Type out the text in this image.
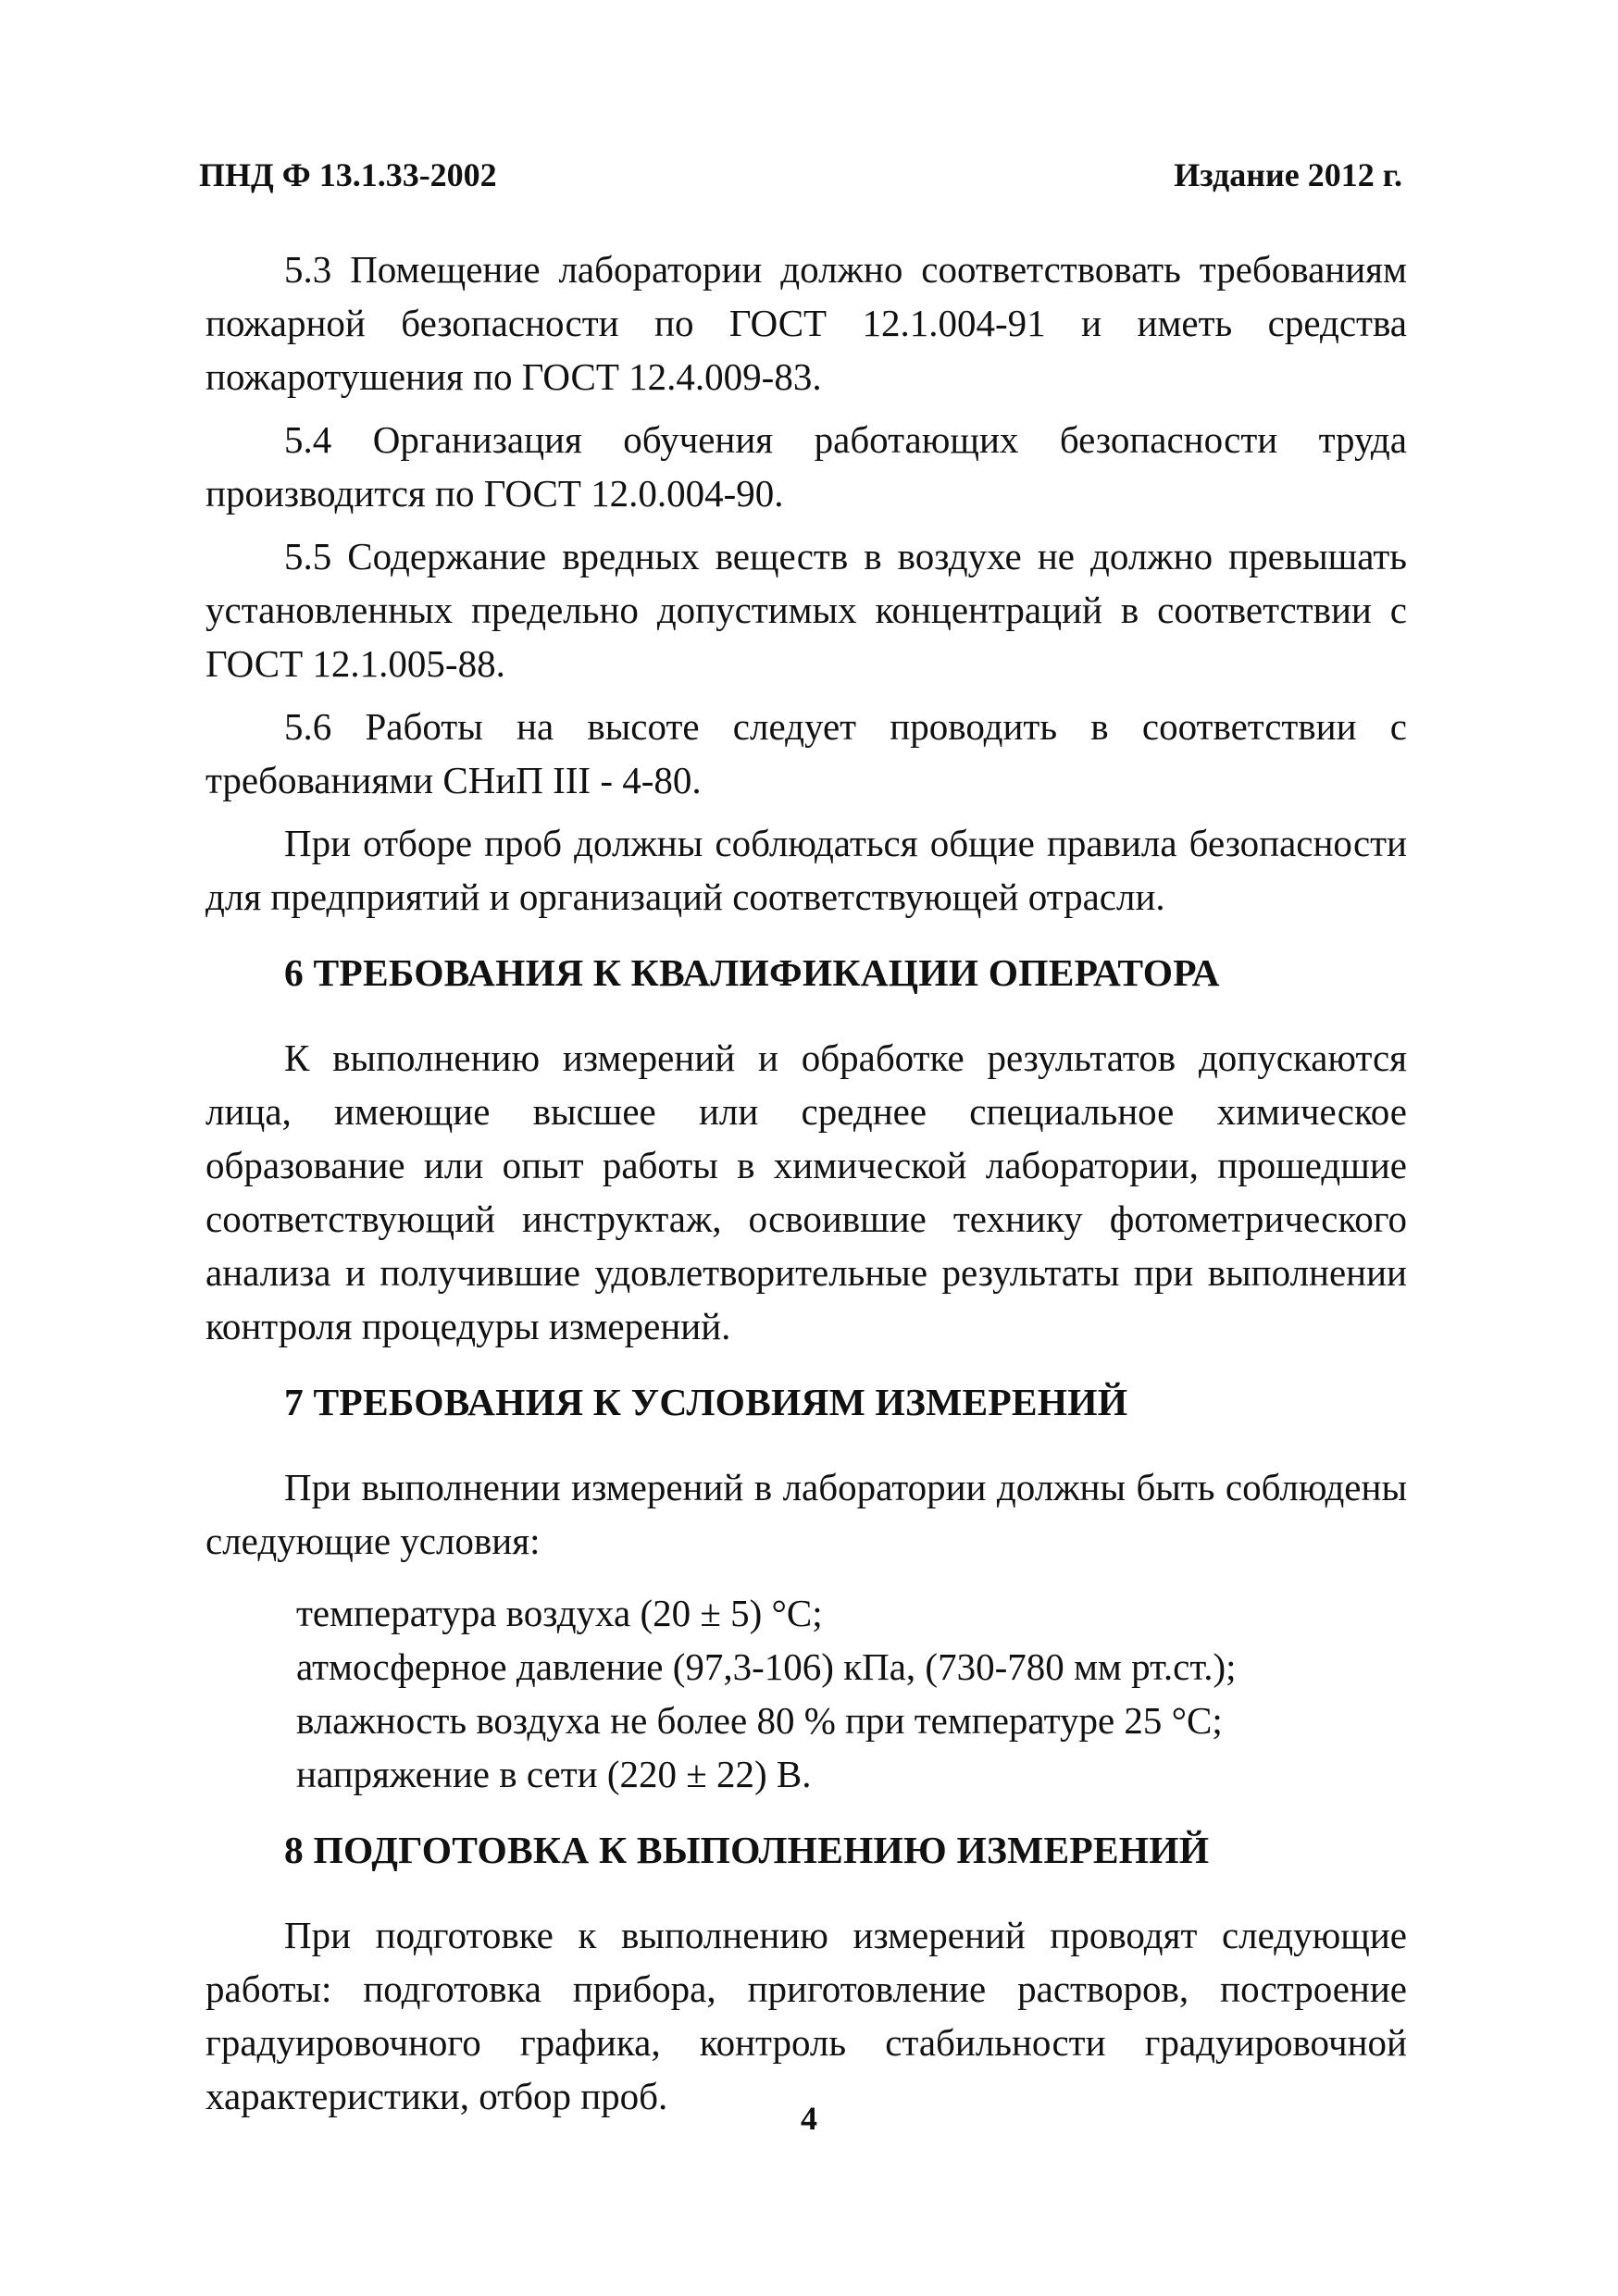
ПНД Ф 13.1.33-2002	Издание 2012 г.

5.3 Помещение лаборатории должно соответствовать требованиям пожарной безопасности по ГОСТ 12.1.004-91 и иметь средства пожаротушения по ГОСТ 12.4.009-83.

5.4 Организация обучения работающих безопасности труда производится по ГОСТ 12.0.004-90.

5.5 Содержание вредных веществ в воздухе не должно превышать установленных предельно допустимых концентраций в соответствии с ГОСТ 12.1.005-88.

5.6 Работы на высоте следует проводить в соответствии с требованиями СНиП III - 4-80.

При отборе проб должны соблюдаться общие правила безопасности для предприятий и организаций соответствующей отрасли.

6 ТРЕБОВАНИЯ К КВАЛИФИКАЦИИ ОПЕРАТОРА

К выполнению измерений и обработке результатов допускаются лица, имеющие высшее или среднее специальное химическое образование или опыт работы в химической лаборатории, прошедшие соответствующий инструктаж, освоившие технику фотометрического анализа и получившие удовлетворительные результаты при выполнении контроля процедуры измерений.

7 ТРЕБОВАНИЯ К УСЛОВИЯМ ИЗМЕРЕНИЙ

При выполнении измерений в лаборатории должны быть соблюдены следующие условия:

температура воздуха (20 ± 5) °С;

атмосферное давление (97,3-106) кПа, (730-780 мм рт.ст.);

влажность воздуха не более 80 % при температуре 25 °С;

напряжение в сети (220 ± 22) В.

8 ПОДГОТОВКА К ВЫПОЛНЕНИЮ ИЗМЕРЕНИЙ

При подготовке к выполнению измерений проводят следующие работы: подготовка прибора, приготовление растворов, построение градуировочного графика, контроль стабильности градуировочной характеристики, отбор проб.

4
